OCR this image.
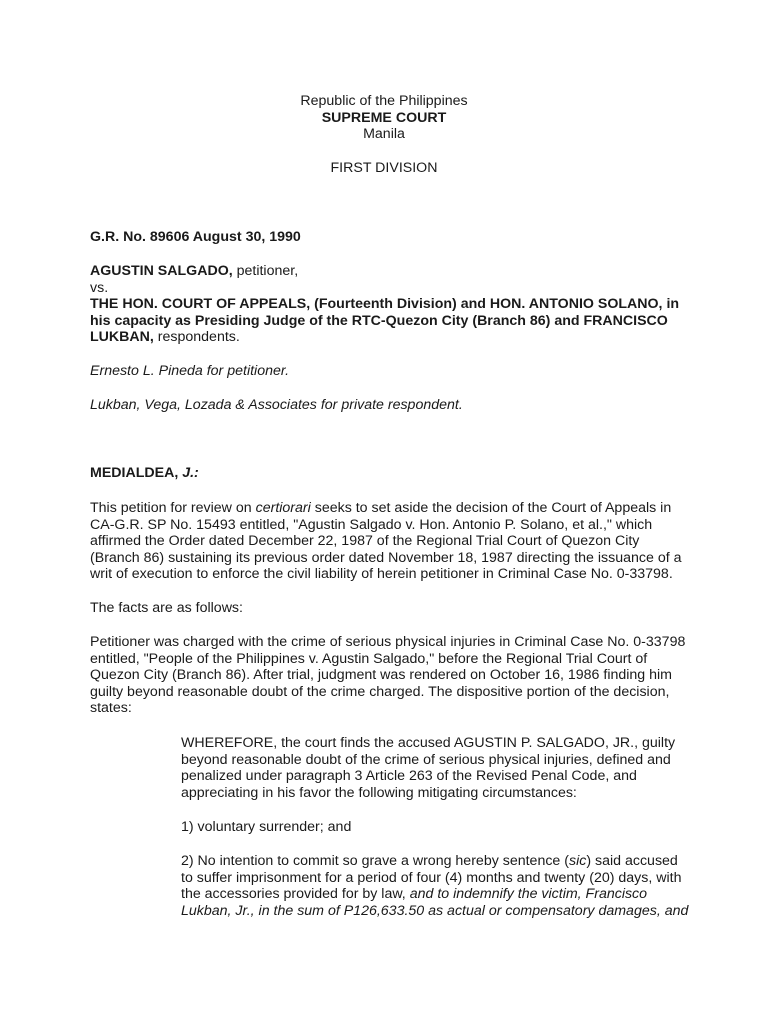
Republic of the Philippines

SUPREME COURT

Manila

FIRST DIVISION
G.R. No. 89606 August 30, 1990

AGUSTIN SALGADO, petitioner,

vs.

THE HON. COURT OF APPEALS, (Fourteenth Division) and HON. ANTONIO SOLANO, in his capacity as Presiding Judge of the RTC-Quezon City (Branch 86) and FRANCISCO LUKBAN, respondents.

Ernesto L. Pineda for petitioner.
Lukban, Vega, Lozada & Associates for private respondent.
MEDIALDEA, J.:
This petition for review on certiorari seeks to set aside the decision of the Court of Appeals in CA-G.R. SP No. 15493 entitled, "Agustin Salgado v. Hon. Antonio P. Solano, et al.," which affirmed the Order dated December 22, 1987 of the Regional Trial Court of Quezon City (Branch 86) sustaining its previous order dated November 18, 1987 directing the issuance of a writ of execution to enforce the civil liability of herein petitioner in Criminal Case No. 0-33798.
The facts are as follows:
Petitioner was charged with the crime of serious physical injuries in Criminal Case No. 0-33798 entitled, "People of the Philippines v. Agustin Salgado," before the Regional Trial Court of Quezon City (Branch 86). After trial, judgment was rendered on October 16, 1986 finding him guilty beyond reasonable doubt of the crime charged. The dispositive portion of the decision, states:
WHEREFORE, the court finds the accused AGUSTIN P. SALGADO, JR., guilty beyond reasonable doubt of the crime of serious physical injuries, defined and penalized under paragraph 3 Article 263 of the Revised Penal Code, and appreciating in his favor the following mitigating circumstances:
1) voluntary surrender; and
2) No intention to commit so grave a wrong hereby sentence (sic) said accused to suffer imprisonment for a period of four (4) months and twenty (20) days, with the accessories provided for by law, and to indemnify the victim, Francisco Lukban, Jr., in the sum of P126,633.50 as actual or compensatory damages, and
